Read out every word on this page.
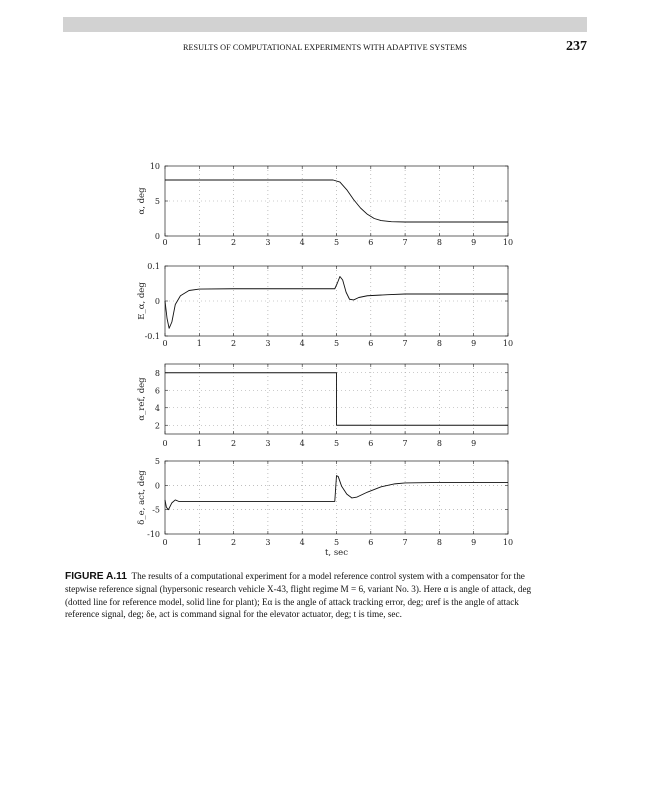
RESULTS OF COMPUTATIONAL EXPERIMENTS WITH ADAPTIVE SYSTEMS	237
0	1	2	3	4	5	6	7	8	9	10
0
5
10
α, deg
0	1	2	3	4	5	6	7	8	9	10
-0.1
0
0.1
E_α, deg
0	1	2	3	4	5	6	7	8	9
2
4
6
8
α_ref, deg
0	1	2	3	4	5	6	7	8	9	10
-10
-5
0
5
δ_e, act, deg
t, sec
FIGURE A.11 The results of a computational experiment for a model reference control system with a compensator for the
stepwise reference signal (hypersonic research vehicle X-43, flight regime M = 6, variant No. 3). Here α is angle of attack, deg
(dotted line for reference model, solid line for plant); Eα is the angle of attack tracking error, deg; αref is the angle of attack
reference signal, deg; δe, act is command signal for the elevator actuator, deg; t is time, sec.
